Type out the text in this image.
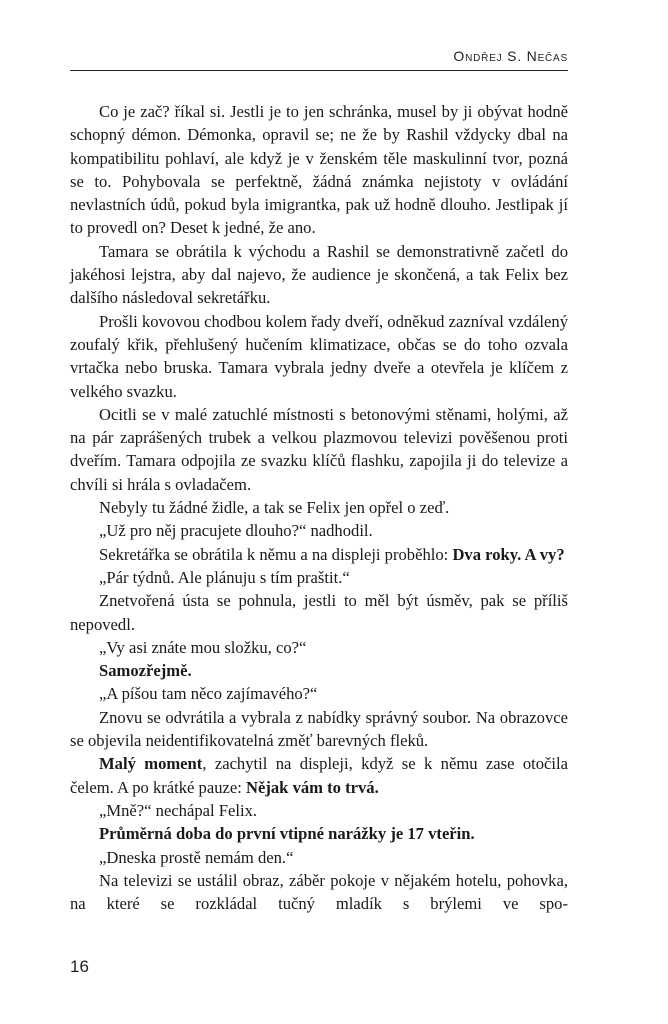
Ondřej S. Nečas

Co je zač? říkal si. Jestli je to jen schránka, musel by ji obývat hodně schopný démon. Démonka, opravil se; ne že by Rashil vždycky dbal na kompatibilitu pohlaví, ale když je v ženském těle maskulinní tvor, pozná se to. Pohybovala se perfektně, žádná známka nejistoty v ovládání nevlastních údů, pokud byla imigrantka, pak už hodně dlouho. Jestlipak jí to provedl on? Deset k jedné, že ano.

Tamara se obrátila k východu a Rashil se demonstrativně začetl do jakéhosi lejstra, aby dal najevo, že audience je skončená, a tak Felix bez dalšího následoval sekretářku.

Prošli kovovou chodbou kolem řady dveří, odněkud zazníval vzdálený zoufalý křik, přehlušený hučením klimatizace, občas se do toho ozvala vrtačka nebo bruska. Tamara vybrala jedny dveře a otevřela je klíčem z velkého svazku.

Ocitli se v malé zatuchlé místnosti s betonovými stěnami, holými, až na pár zaprášených trubek a velkou plazmovou televizi pověšenou proti dveřím. Tamara odpojila ze svazku klíčů flashku, zapojila ji do televize a chvíli si hrála s ovladačem.

Nebyly tu žádné židle, a tak se Felix jen opřel o zeď.

„Už pro něj pracujete dlouho?“ nadhodil.

Sekretářka se obrátila k němu a na displeji proběhlo: Dva roky. A vy?

„Pár týdnů. Ale plánuju s tím praštit.“

Znetvořená ústa se pohnula, jestli to měl být úsměv, pak se příliš nepovedl.

„Vy asi znáte mou složku, co?“

Samozřejmě.

„A píšou tam něco zajímavého?“

Znovu se odvrátila a vybrala z nabídky správný soubor. Na obrazovce se objevila neidentifikovatelná změť barevných fleků.

Malý moment, zachytil na displeji, když se k němu zase otočila čelem. A po krátké pauze: Nějak vám to trvá.

„Mně?“ nechápal Felix.

Průměrná doba do první vtipné narážky je 17 vteřin.

„Dneska prostě nemám den.“

Na televizi se ustálil obraz, záběr pokoje v nějakém hotelu, pohovka, na které se rozkládal tučný mladík s brýlemi ve spo-

16
